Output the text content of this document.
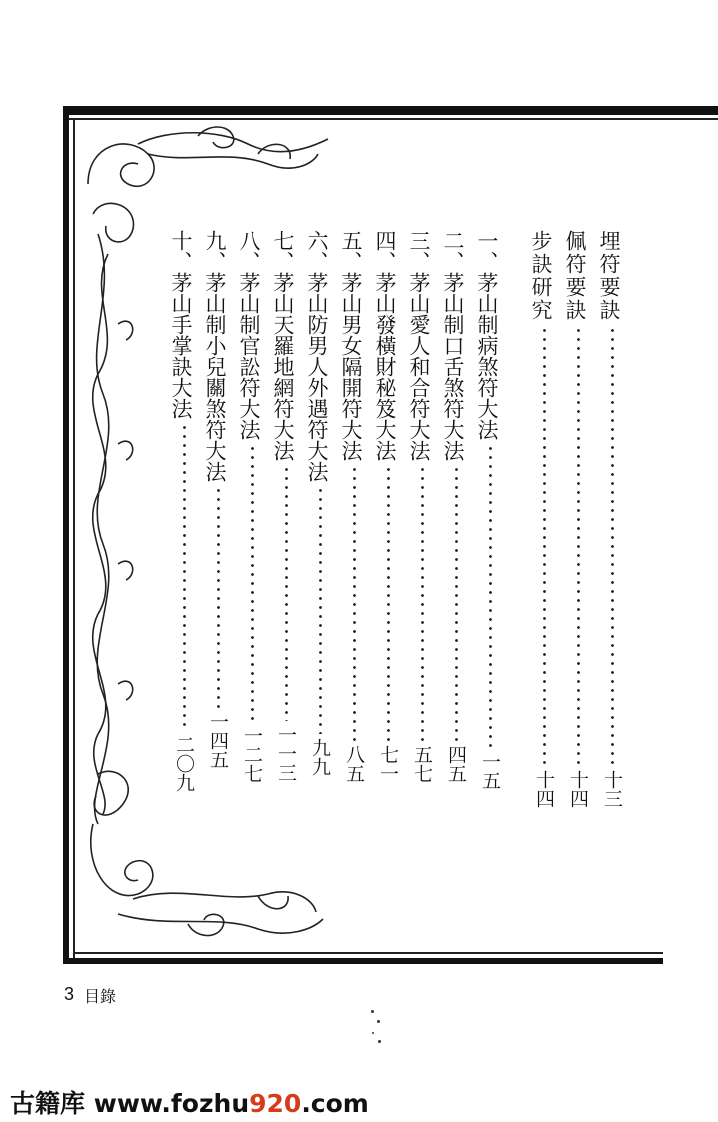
埋符要訣
十三
佩符要訣
十四
步訣研究
十四
一、茅山制病煞符大法
一五
二、茅山制口舌煞符大法
四五
三、茅山愛人和合符大法
五七
四、茅山發橫財秘笈大法
七一
五、茅山男女隔開符大法
八五
六、茅山防男人外遇符大法
九九
七、茅山天羅地網符大法
一一三
八、茅山制官訟符大法
一二七
九、茅山制小兒關煞符大法
一四五
十、茅山手掌訣大法
二〇九
3 目錄
古籍库 www.fozhu920.com
